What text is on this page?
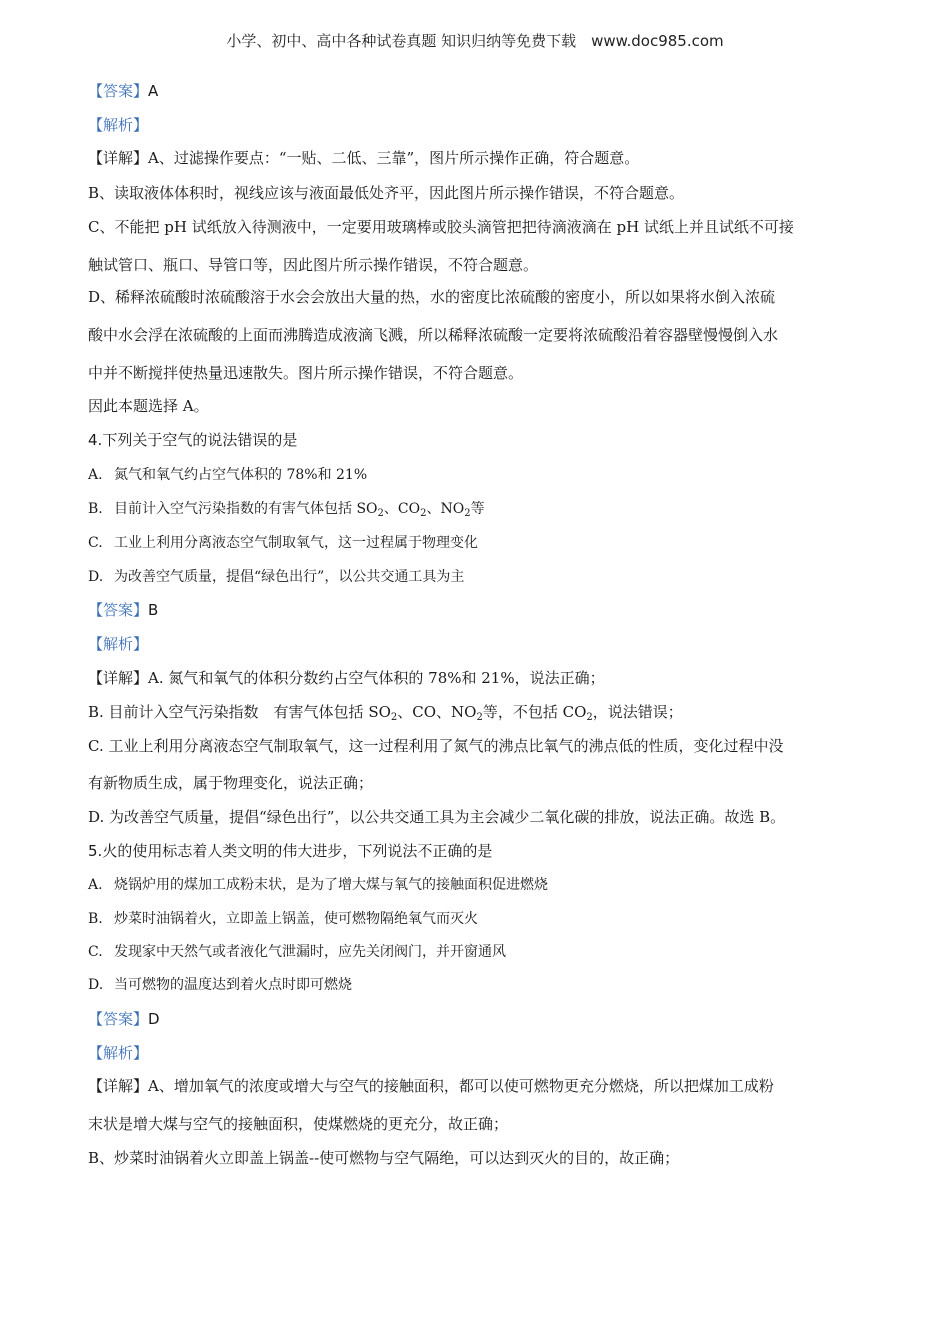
小学、初中、高中各种试卷真题 知识归纳等免费下载　www.doc985.com
【答案】A
【解析】
【详解】A、过滤操作要点：“一贴、二低、三靠”，图片所示操作正确，符合题意。
B、读取液体体积时，视线应该与液面最低处齐平，因此图片所示操作错误，不符合题意。
C、不能把 pH 试纸放入待测液中，一定要用玻璃棒或胶头滴管把把待滴液滴在 pH 试纸上并且试纸不可接
触试管口、瓶口、导管口等，因此图片所示操作错误，不符合题意。
D、稀释浓硫酸时浓硫酸溶于水会会放出大量的热，水的密度比浓硫酸的密度小，所以如果将水倒入浓硫
酸中水会浮在浓硫酸的上面而沸腾造成液滴飞溅，所以稀释浓硫酸一定要将浓硫酸沿着容器壁慢慢倒入水
中并不断搅拌使热量迅速散失。图片所示操作错误，不符合题意。
因此本题选择 A。
4.下列关于空气的说法错误的是
A. 氮气和氧气约占空气体积的 78%和 21%
B. 目前计入空气污染指数的有害气体包括 $SO_2$、$CO_2$、$NO_2$等
C. 工业上利用分离液态空气制取氧气，这一过程属于物理变化
D. 为改善空气质量，提倡“绿色出行”，以公共交通工具为主
【答案】B
【解析】
【详解】A. 氮气和氧气的体积分数约占空气体积的 78%和 21%，说法正确；
B. 目前计入空气污染指数　有害气体包括 $SO_2$、CO、$NO_2$等，不包括 $CO_2$，说法错误；
C. 工业上利用分离液态空气制取氧气，这一过程利用了氮气的沸点比氧气的沸点低的性质，变化过程中没
有新物质生成，属于物理变化，说法正确；
D. 为改善空气质量，提倡“绿色出行”，以公共交通工具为主会减少二氧化碳的排放，说法正确。故选 B。
5.火的使用标志着人类文明的伟大进步，下列说法不正确的是
A. 烧锅炉用的煤加工成粉末状，是为了增大煤与氧气的接触面积促进燃烧
B. 炒菜时油锅着火，立即盖上锅盖，使可燃物隔绝氧气而灭火
C. 发现家中天然气或者液化气泄漏时，应先关闭阀门，并开窗通风
D. 当可燃物的温度达到着火点时即可燃烧
【答案】D
【解析】
【详解】A、增加氧气的浓度或增大与空气的接触面积，都可以使可燃物更充分燃烧，所以把煤加工成粉
末状是增大煤与空气的接触面积，使煤燃烧的更充分，故正确；
B、炒菜时油锅着火立即盖上锅盖--使可燃物与空气隔绝，可以达到灭火的目的，故正确；
